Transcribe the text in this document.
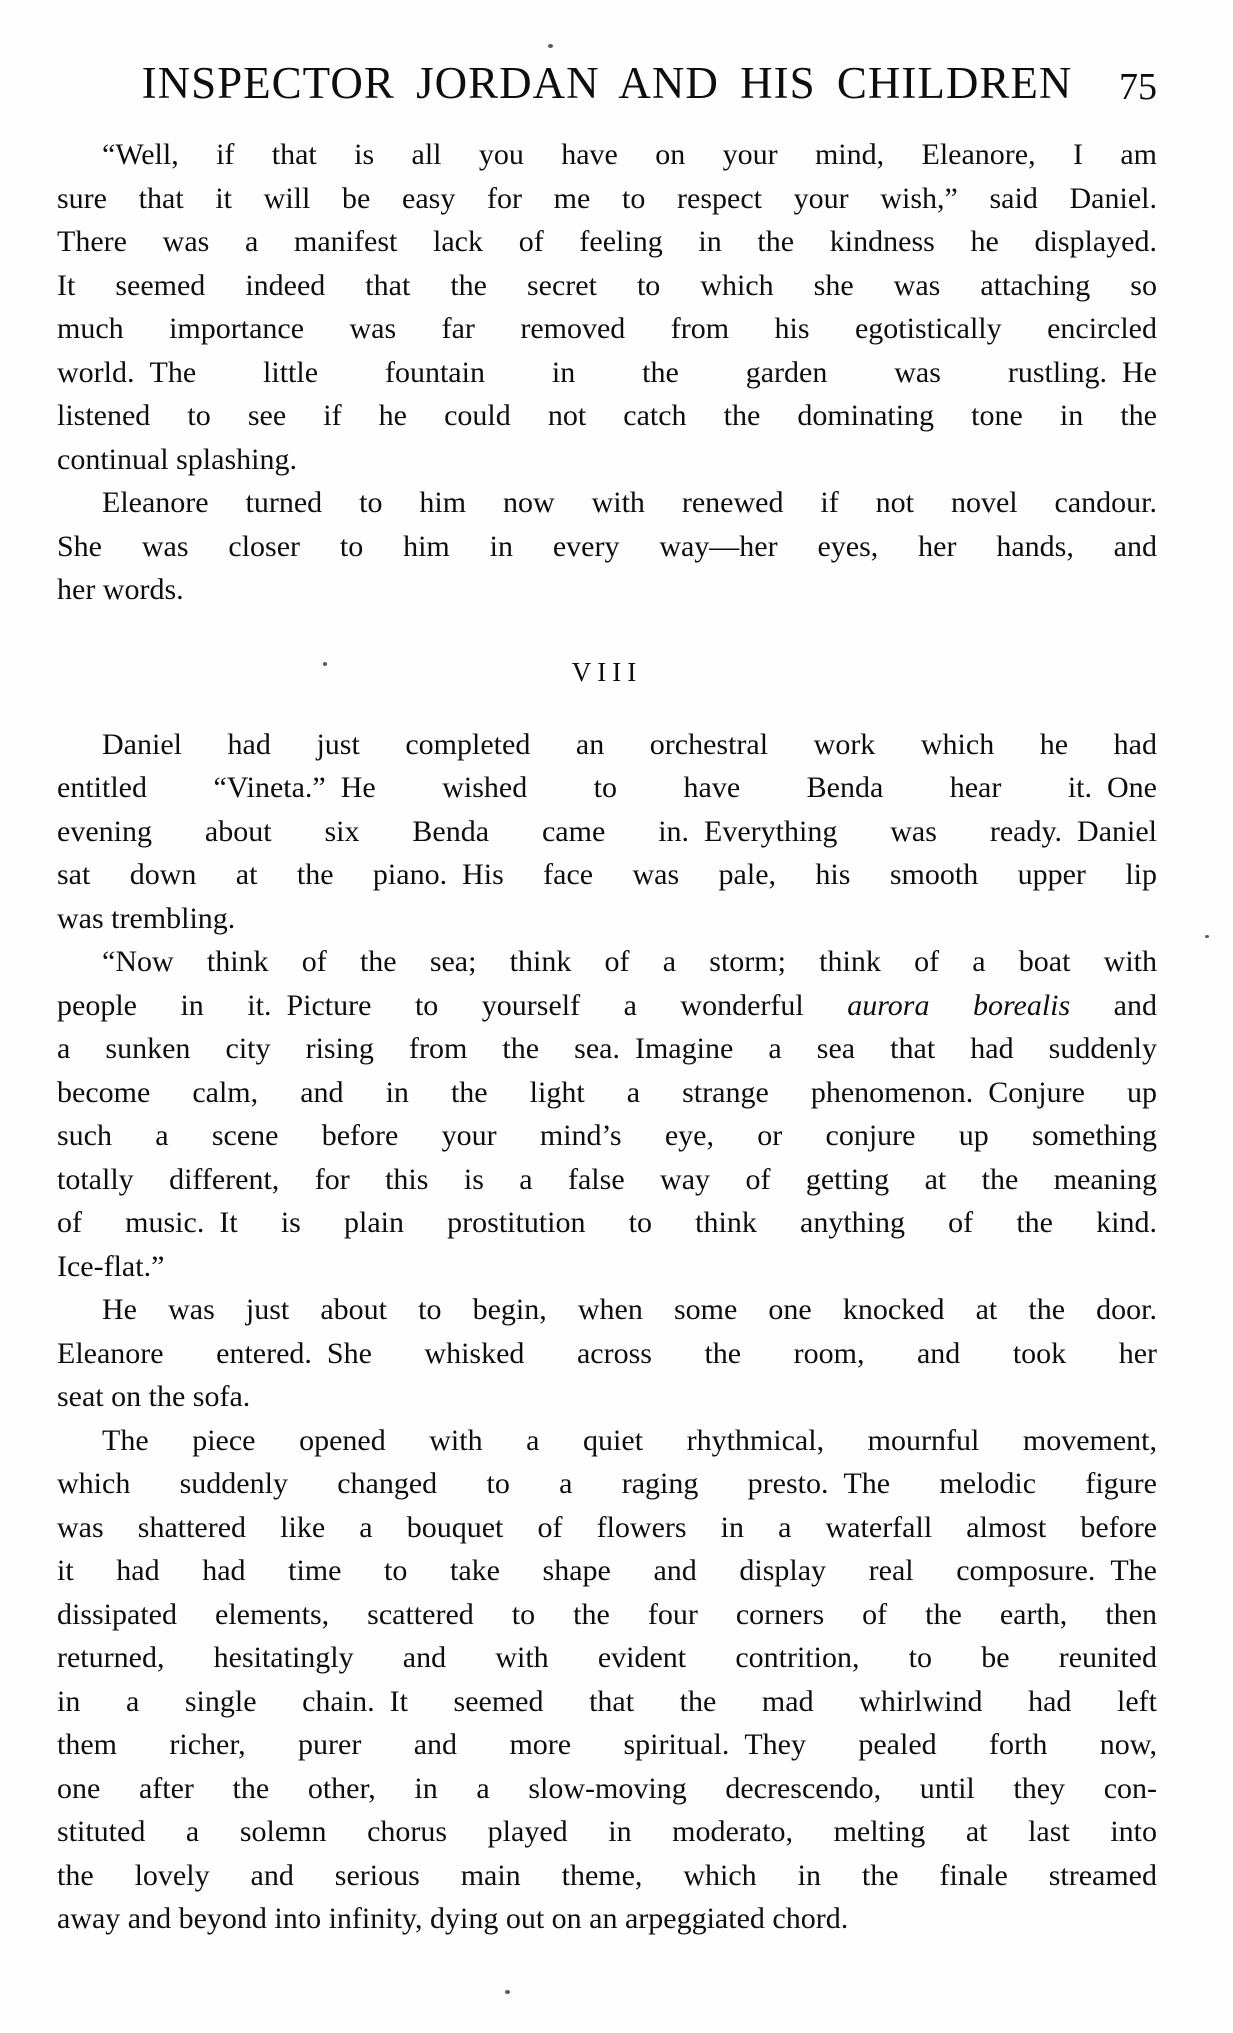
INSPECTOR JORDAN AND HIS CHILDREN	75
“Well, if that is all you have on your mind, Eleanore, I am
sure that it will be easy for me to respect your wish,” said Daniel.
There was a manifest lack of feeling in the kindness he displayed.
It seemed indeed that the secret to which she was attaching so
much importance was far removed from his egotistically encircled
world. The little fountain in the garden was rustling. He
listened to see if he could not catch the dominating tone in the
continual splashing.
Eleanore turned to him now with renewed if not novel candour.
She was closer to him in every way—her eyes, her hands, and
her words.
VIII
Daniel had just completed an orchestral work which he had
entitled “Vineta.” He wished to have Benda hear it. One
evening about six Benda came in. Everything was ready. Daniel
sat down at the piano. His face was pale, his smooth upper lip
was trembling.
“Now think of the sea; think of a storm; think of a boat with
people in it. Picture to yourself a wonderful aurora borealis and
a sunken city rising from the sea. Imagine a sea that had suddenly
become calm, and in the light a strange phenomenon. Conjure up
such a scene before your mind’s eye, or conjure up something
totally different, for this is a false way of getting at the meaning
of music. It is plain prostitution to think anything of the kind.
Ice-flat.”
He was just about to begin, when some one knocked at the door.
Eleanore entered. She whisked across the room, and took her
seat on the sofa.
The piece opened with a quiet rhythmical, mournful movement,
which suddenly changed to a raging presto. The melodic figure
was shattered like a bouquet of flowers in a waterfall almost before
it had had time to take shape and display real composure. The
dissipated elements, scattered to the four corners of the earth, then
returned, hesitatingly and with evident contrition, to be reunited
in a single chain. It seemed that the mad whirlwind had left
them richer, purer and more spiritual. They pealed forth now,
one after the other, in a slow-moving decrescendo, until they con-
stituted a solemn chorus played in moderato, melting at last into
the lovely and serious main theme, which in the finale streamed
away and beyond into infinity, dying out on an arpeggiated chord.
